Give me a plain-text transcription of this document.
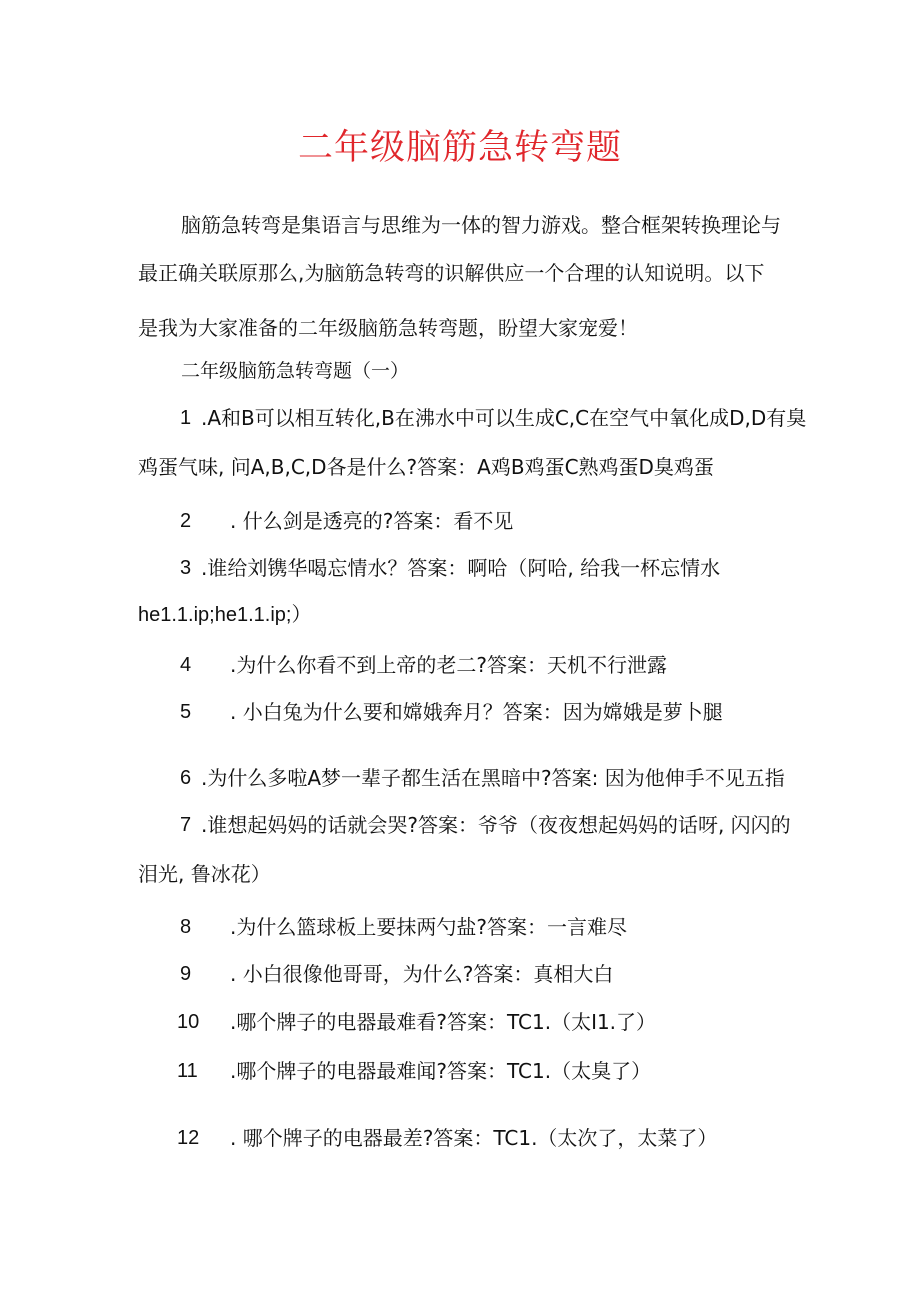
二年级脑筋急转弯题
脑筋急转弯是集语言与思维为一体的智力游戏。整合框架转换理论与
最正确关联原那么,为脑筋急转弯的识解供应一个合理的认知说明。以下
是我为大家准备的二年级脑筋急转弯题，盼望大家宠爱！
二年级脑筋急转弯题（一）
1 .A和B可以相互转化,B在沸水中可以生成C,C在空气中氧化成D,D有臭
鸡蛋气味, 问A,B,C,D各是什么?答案：A鸡B鸡蛋C熟鸡蛋D臭鸡蛋
2 . 什么剑是透亮的?答案：看不见
3 .谁给刘镌华喝忘情水？答案：啊哈（阿哈, 给我一杯忘情水
he1.1.ip;he1.1.ip;）
4 .为什么你看不到上帝的老二?答案：天机不行泄露
5 . 小白兔为什么要和嫦娥奔月？答案：因为嫦娥是萝卜腿
6 .为什么多啦A梦一辈子都生活在黑暗中?答案: 因为他伸手不见五指
7 .谁想起妈妈的话就会哭?答案：爷爷（夜夜想起妈妈的话呀, 闪闪的
泪光, 鲁冰花）
8 .为什么篮球板上要抹两勺盐?答案：一言难尽
9 . 小白很像他哥哥，为什么?答案：真相大白
10 .哪个牌子的电器最难看?答案：TC1.（太I1.了）
11 .哪个牌子的电器最难闻?答案：TC1.（太臭了）
12 . 哪个牌子的电器最差?答案：TC1.（太次了，太菜了）
